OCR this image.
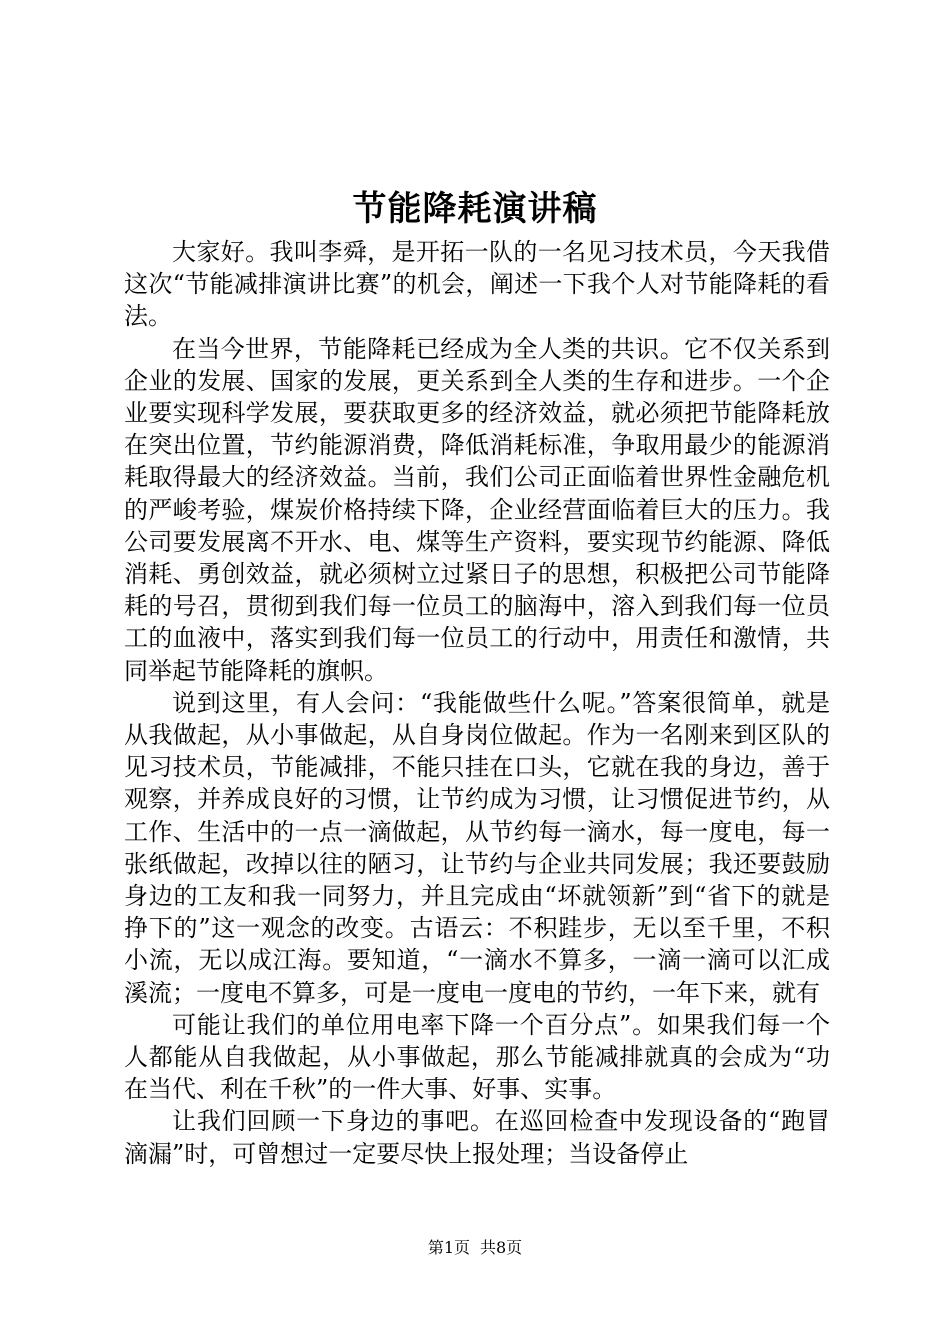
节能降耗演讲稿

大家好。我叫李舜，是开拓一队的一名见习技术员，今天我借这次“节能减排演讲比赛”的机会，阐述一下我个人对节能降耗的看法。

在当今世界，节能降耗已经成为全人类的共识。它不仅关系到企业的发展、国家的发展，更关系到全人类的生存和进步。一个企业要实现科学发展，要获取更多的经济效益，就必须把节能降耗放在突出位置，节约能源消费，降低消耗标准，争取用最少的能源消耗取得最大的经济效益。当前，我们公司正面临着世界性金融危机的严峻考验，煤炭价格持续下降，企业经营面临着巨大的压力。我公司要发展离不开水、电、煤等生产资料，要实现节约能源、降低消耗、勇创效益，就必须树立过紧日子的思想，积极把公司节能降耗的号召，贯彻到我们每一位员工的脑海中，溶入到我们每一位员工的血液中，落实到我们每一位员工的行动中，用责任和激情，共同举起节能降耗的旗帜。

说到这里，有人会问：“我能做些什么呢。”答案很简单，就是从我做起，从小事做起，从自身岗位做起。作为一名刚来到区队的见习技术员，节能减排，不能只挂在口头，它就在我的身边，善于观察，并养成良好的习惯，让节约成为习惯，让习惯促进节约，从工作、生活中的一点一滴做起，从节约每一滴水，每一度电，每一张纸做起，改掉以往的陋习，让节约与企业共同发展；我还要鼓励身边的工友和我一同努力，并且完成由“坏就领新”到“省下的就是挣下的”这一观念的改变。古语云：不积跬步，无以至千里，不积小流，无以成江海。要知道，“一滴水不算多，一滴一滴可以汇成溪流；一度电不算多，可是一度电一度电的节约，一年下来，就有

可能让我们的单位用电率下降一个百分点”。如果我们每一个人都能从自我做起，从小事做起，那么节能减排就真的会成为“功在当代、利在千秋”的一件大事、好事、实事。

让我们回顾一下身边的事吧。在巡回检查中发现设备的“跑冒滴漏”时，可曾想过一定要尽快上报处理；当设备停止

第1页 共8页
